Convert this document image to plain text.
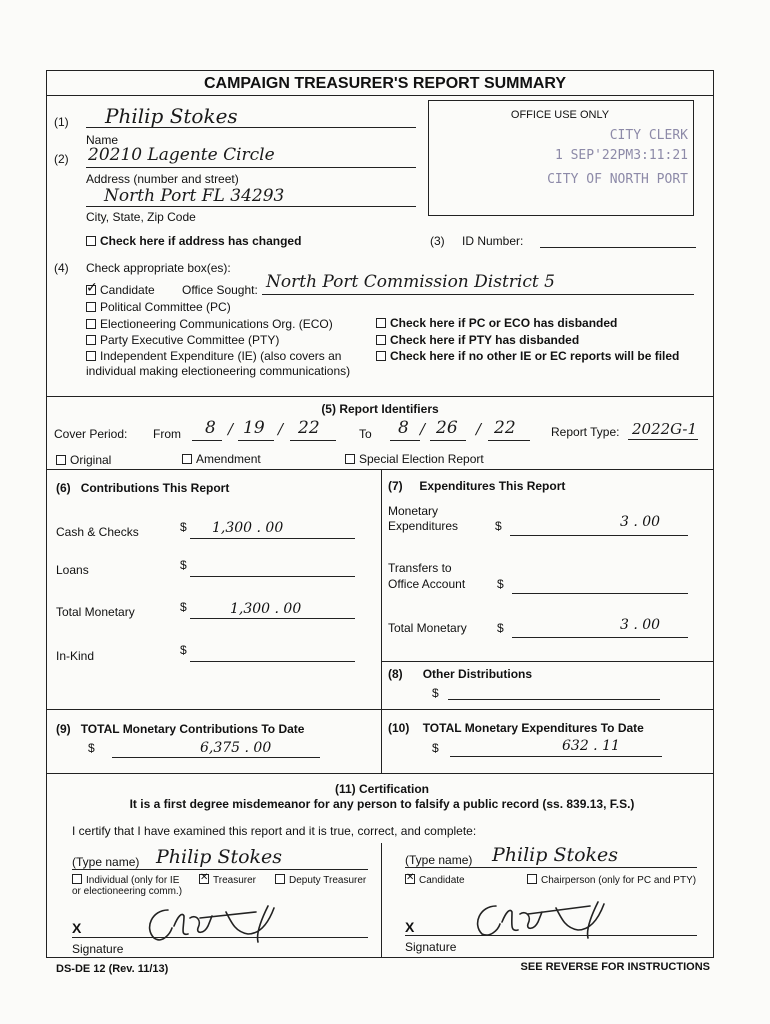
CAMPAIGN TREASURER'S REPORT SUMMARY
(1) Philip Stokes
Name
(2) 20210 Lagente Circle
Address (number and street)
North Port FL 34293
City, State, Zip Code
Check here if address has changed
OFFICE USE ONLY
CITY CLERK
1 SEP'22PM3:11:21
CITY OF NORTH PORT
(3) ID Number:
(4) Check appropriate box(es):
✓Candidate Office Sought: North Port Commission District 5
Political Committee (PC)
Electioneering Communications Org. (ECO)
Party Executive Committee (PTY)
Independent Expenditure (IE) (also covers an
individual making electioneering communications)
Check here if PC or ECO has disbanded
Check here if PTY has disbanded
Check here if no other IE or EC reports will be filed
(5) Report Identifiers
Cover Period: From 8 / 19 / 22	To 8 / 26 / 22	Report Type: 2022G-1
Original	Amendment	Special Election Report
(6) Contributions This Report
Cash & Checks	$ 1,300 . 00
Loans	$
Total Monetary	$	1,300 . 00
In-Kind	$
(7) Expenditures This Report
Monetary
Expenditures	$	3 . 00
Transfers to
Office Account	$
Total Monetary	$	3 . 00
(8) Other Distributions
$
(9) TOTAL Monetary Contributions To Date
$	6,375 . 00
(10) TOTAL Monetary Expenditures To Date
$	632 . 11
(11) Certification
It is a first degree misdemeanor for any person to falsify a public record (ss. 839.13, F.S.)
I certify that I have examined this report and it is true, correct, and complete:
(Type name) Philip Stokes
Individual (only for IE
or electioneering comm.)
✕Treasurer	Deputy Treasurer
X
Signature
(Type name) Philip Stokes
✕Candidate	Chairperson (only for PC and PTY)
X
Signature
DS-DE 12 (Rev. 11/13)	SEE REVERSE FOR INSTRUCTIONS
